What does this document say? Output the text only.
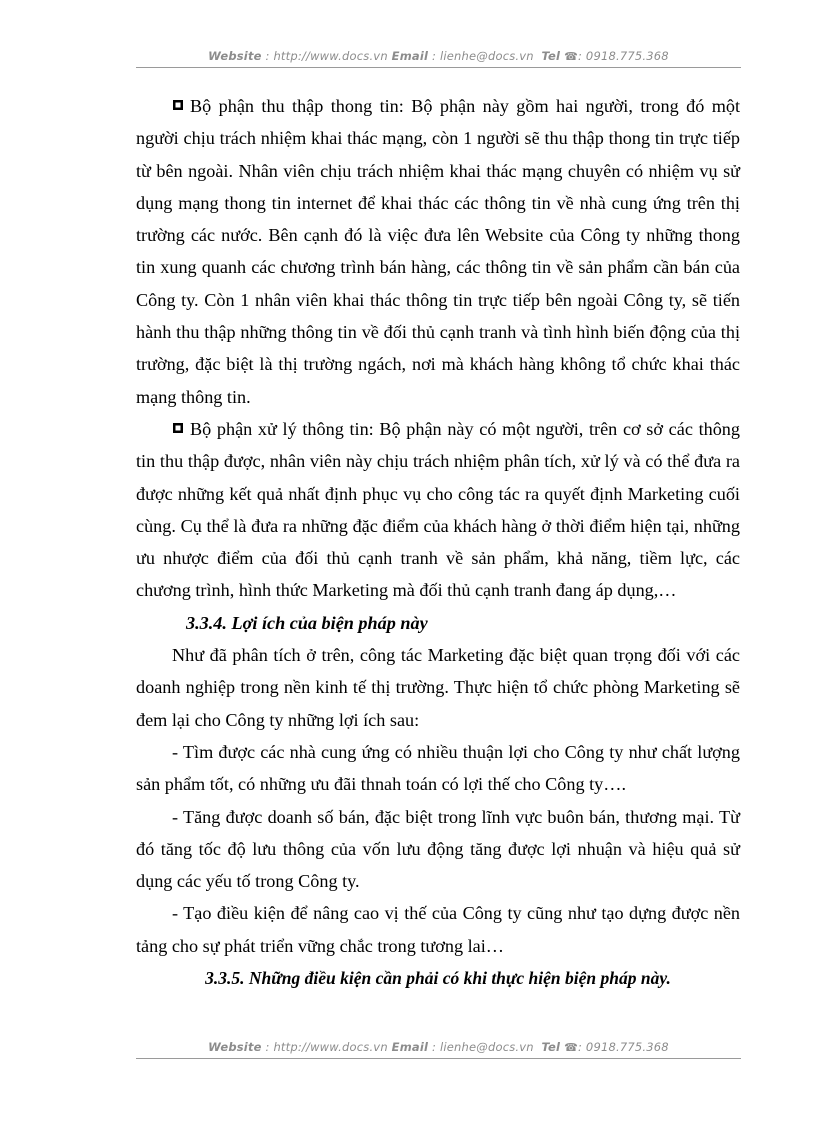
Website : http://www.docs.vn Email : lienhe@docs.vn Tel ☎: 0918.775.368

Bộ phận thu thập thong tin: Bộ phận này gồm hai người, trong đó một người chịu trách nhiệm khai thác mạng, còn 1 người sẽ thu thập thong tin trực tiếp từ bên ngoài. Nhân viên chịu trách nhiệm khai thác mạng chuyên có nhiệm vụ sử dụng mạng thong tin internet để khai thác các thông tin về nhà cung ứng trên thị trường các nước. Bên cạnh đó là việc đưa lên Website của Công ty những thong tin xung quanh các chương trình bán hàng, các thông tin về sản phẩm cần bán của Công ty. Còn 1 nhân viên khai thác thông tin trực tiếp bên ngoài Công ty, sẽ tiến hành thu thập những thông tin về đối thủ cạnh tranh và tình hình biến động của thị trường, đặc biệt là thị trường ngách, nơi mà khách hàng không tổ chức khai thác mạng thông tin.

Bộ phận xử lý thông tin: Bộ phận này có một người, trên cơ sở các thông tin thu thập được, nhân viên này chịu trách nhiệm phân tích, xử lý và có thể đưa ra được những kết quả nhất định phục vụ cho công tác ra quyết định Marketing cuối cùng. Cụ thể là đưa ra những đặc điểm của khách hàng ở thời điểm hiện tại, những ưu nhược điểm của đối thủ cạnh tranh về sản phẩm, khả năng, tiềm lực, các chương trình, hình thức Marketing mà đối thủ cạnh tranh đang áp dụng,…

3.3.4. Lợi ích của biện pháp này

Như đã phân tích ở trên, công tác Marketing đặc biệt quan trọng đối với các doanh nghiệp trong nền kinh tế thị trường. Thực hiện tổ chức phòng Marketing sẽ đem lại cho Công ty những lợi ích sau:

- Tìm được các nhà cung ứng có nhiều thuận lợi cho Công ty như chất lượng sản phẩm tốt, có những ưu đãi thnah toán có lợi thế cho Công ty….

- Tăng được doanh số bán, đặc biệt trong lĩnh vực buôn bán, thương mại. Từ đó tăng tốc độ lưu thông của vốn lưu động tăng được lợi nhuận và hiệu quả sử dụng các yếu tố trong Công ty.

- Tạo điều kiện để nâng cao vị thế của Công ty cũng như tạo dựng được nền tảng cho sự phát triển vững chắc trong tương lai…

3.3.5. Những điều kiện cần phải có khi thực hiện biện pháp này.
Website : http://www.docs.vn Email : lienhe@docs.vn Tel ☎: 0918.775.368
